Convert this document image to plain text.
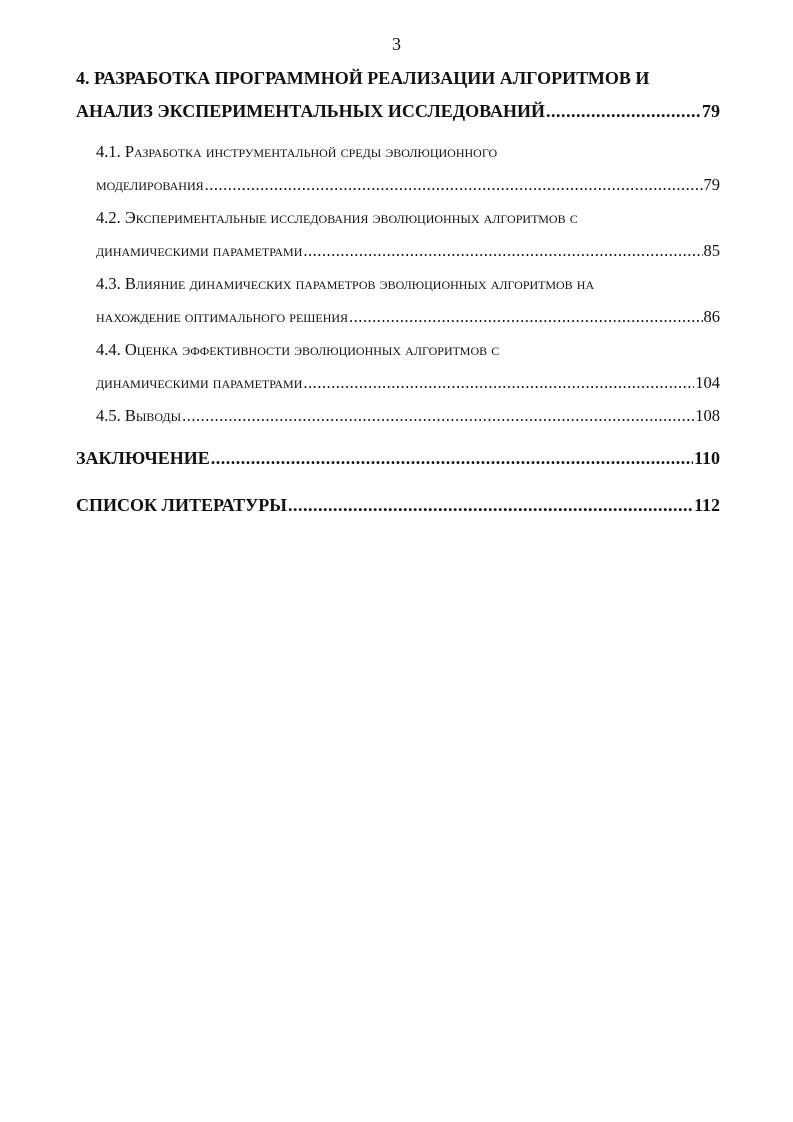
3
4. РАЗРАБОТКА ПРОГРАММНОЙ РЕАЛИЗАЦИИ АЛГОРИТМОВ И
АНАЛИЗ ЭКСПЕРИМЕНТАЛЬНЫХ ИССЛЕДОВАНИЙ .....	79
4.1. Разработка инструментальной среды эволюционного
моделирования .....	79
4.2. Экспериментальные исследования эволюционных алгоритмов с
динамическими параметрами .....	85
4.3. Влияние динамических параметров эволюционных алгоритмов на
нахождение оптимального решения .....	86
4.4. Оценка эффективности эволюционных алгоритмов с
динамическими параметрами .....	104
4.5. Выводы .....	108
ЗАКЛЮЧЕНИЕ .....	110
СПИСОК ЛИТЕРАТУРЫ .....	112
